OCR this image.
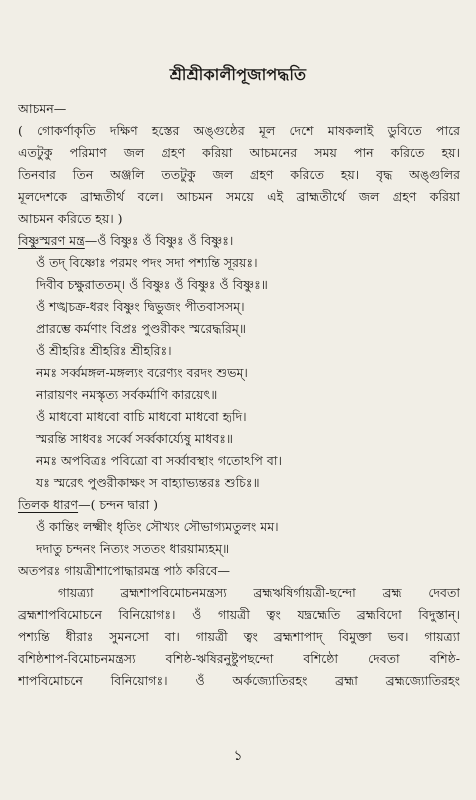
শ্রীশ্রীকালীপূজাপদ্ধতি
আচমন—
( গোকর্ণাকৃতি দক্ষিণ হস্তের অঙ্গুষ্ঠের মূল দেশে মাষকলাই ডুবিতে পারে
এতটুকু পরিমাণ জল গ্রহণ করিয়া আচমনের সময় পান করিতে হয়।
তিনবার তিন অঞ্জলি ততটুকু জল গ্রহণ করিতে হয়। বৃদ্ধ অঙ্গুলির
মূলদেশকে ব্রাহ্মতীর্থ বলে। আচমন সময়ে এই ব্রাহ্মতীর্থে জল গ্রহণ করিয়া
আচমন করিতে হয়। )
বিষ্ণুস্মরণ মন্ত্র—ওঁ বিষ্ণুঃ ওঁ বিষ্ণুঃ ওঁ বিষ্ণুঃ।
ওঁ তদ্ বিষ্ণোঃ পরমং পদং সদা পশ্যন্তি সূরয়ঃ।
দিবীব চক্ষুরাততম্। ওঁ বিষ্ণুঃ ওঁ বিষ্ণুঃ ওঁ বিষ্ণুঃ॥
ওঁ শঙ্খচক্র-ধরং বিষ্ণুং দ্বিভুজং পীতবাসসম্।
প্রারম্ভে কর্মণাং বিপ্রঃ পুণ্ডরীকং স্মরেদ্ধরিম্॥
ওঁ শ্রীহরিঃ শ্রীহরিঃ শ্রীহরিঃ।
নমঃ সর্ব্বমঙ্গল-মঙ্গল্যং বরেণ্যং বরদং শুভম্।
নারায়ণং নমস্কৃত্য সর্বকর্মাণি কারয়েৎ॥
ওঁ মাধবো মাধবো বাচি মাধবো মাধবো হৃদি।
স্মরন্তি সাধবঃ সর্ব্বে সর্ব্বকার্য্যেষু মাধবঃ॥
নমঃ অপবিত্রঃ পবিত্রো বা সর্ব্বাবস্থাং গতোঽপি বা।
যঃ স্মরেৎ পুণ্ডরীকাক্ষং স বাহ্যাভ্যন্তরঃ শুচিঃ॥
তিলক ধারণ—( চন্দন দ্বারা )
ওঁ কান্তিং লক্ষ্মীং ধৃতিং সৌখ্যং সৌভাগ্যমতুলং মম।
দদাতু চন্দনং নিত্যং সততং ধারয়াম্যহম্॥
অতপরঃ গায়ত্রীশাপোদ্ধারমন্ত্র পাঠ করিবে—
গায়ত্র্যা ব্রহ্মশাপবিমোচনমন্ত্রস্য ব্রহ্মঋষির্গায়ত্রী-ছন্দো ব্রহ্ম দেবতা
ব্রহ্মশাপবিমোচনে বিনিয়োগঃ। ওঁ গায়ত্রী ত্বং যদ্ব্রহ্মেতি ব্রহ্মবিদো বিদুস্তান্।
পশ্যন্তি ধীরাঃ সুমনসো বা। গায়ত্রী ত্বং ব্রহ্মশাপাদ্ বিমুক্তা ভব। গায়ত্র্যা
বশিষ্ঠশাপ-বিমোচনমন্ত্রস্য বশিষ্ঠ-ঋষিরনুষ্টুপছন্দো বশিষ্ঠো দেবতা বশিষ্ঠ-
শাপবিমোচনে বিনিয়োগঃ। ওঁ অর্কজ্যোতিরহং ব্রহ্মা ব্রহ্মজ্যোতিরহং
১
